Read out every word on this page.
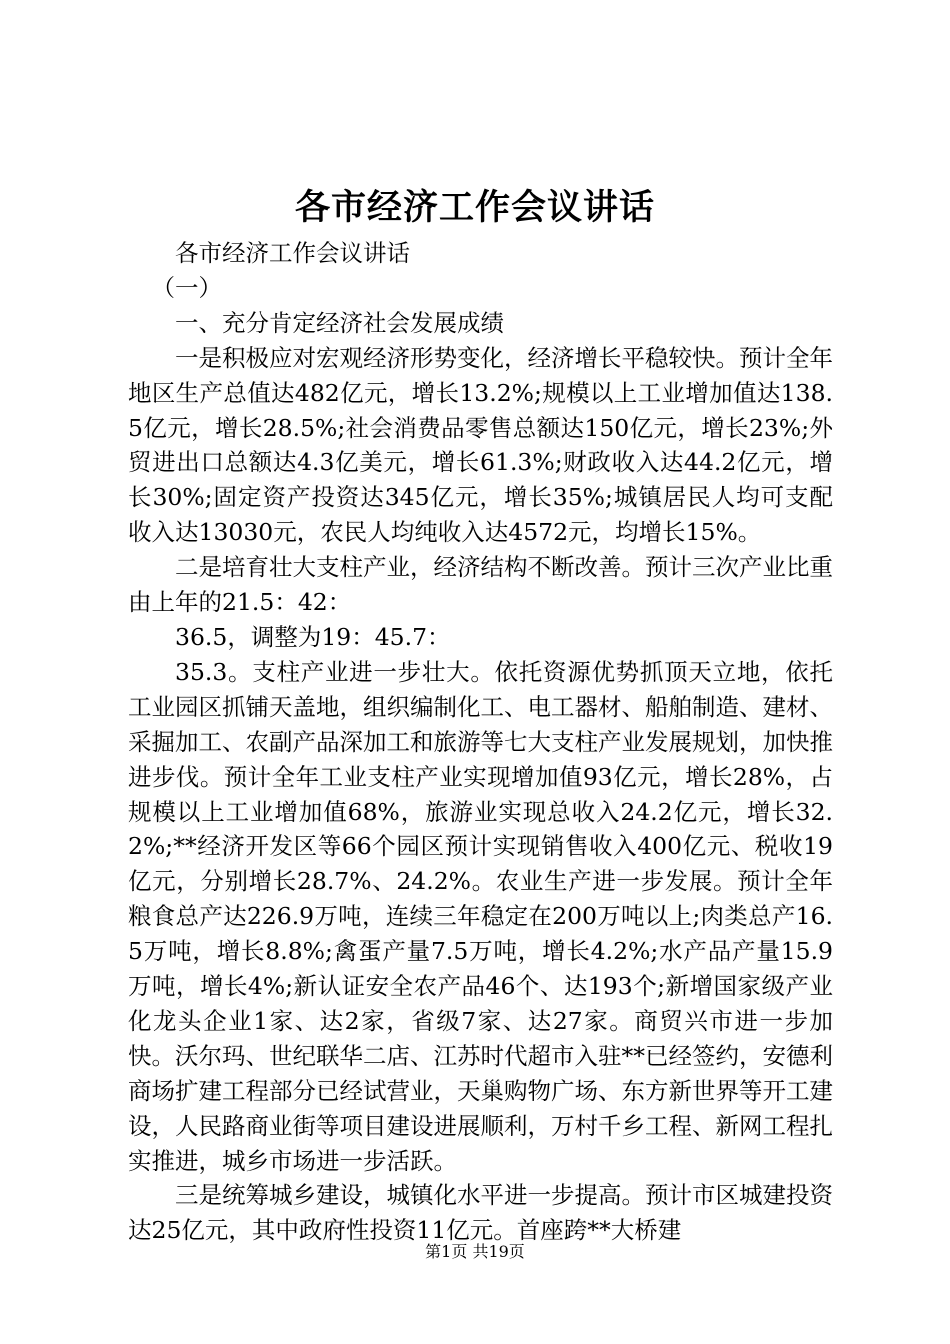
各市经济工作会议讲话

各市经济工作会议讲话

（一）

一、充分肯定经济社会发展成绩

一是积极应对宏观经济形势变化，经济增长平稳较快。预计全年地区生产总值达482亿元，增长13.2%;规模以上工业增加值达138.5亿元，增长28.5%;社会消费品零售总额达150亿元，增长23%;外贸进出口总额达4.3亿美元，增长61.3%;财政收入达44.2亿元，增长30%;固定资产投资达345亿元，增长35%;城镇居民人均可支配收入达13030元，农民人均纯收入达4572元，均增长15%。

二是培育壮大支柱产业，经济结构不断改善。预计三次产业比重由上年的21.5：42：

36.5，调整为19：45.7：

35.3。支柱产业进一步壮大。依托资源优势抓顶天立地，依托工业园区抓铺天盖地，组织编制化工、电工器材、船舶制造、建材、采掘加工、农副产品深加工和旅游等七大支柱产业发展规划，加快推进步伐。预计全年工业支柱产业实现增加值93亿元，增长28%，占规模以上工业增加值68%，旅游业实现总收入24.2亿元，增长32.2%;**经济开发区等66个园区预计实现销售收入400亿元、税收19亿元，分别增长28.7%、24.2%。农业生产进一步发展。预计全年粮食总产达226.9万吨，连续三年稳定在200万吨以上;肉类总产16.5万吨，增长8.8%;禽蛋产量7.5万吨，增长4.2%;水产品产量15.9万吨，增长4%;新认证安全农产品46个、达193个;新增国家级产业化龙头企业1家、达2家，省级7家、达27家。商贸兴市进一步加快。沃尔玛、世纪联华二店、江苏时代超市入驻**已经签约，安德利商场扩建工程部分已经试营业，天巢购物广场、东方新世界等开工建设，人民路商业街等项目建设进展顺利，万村千乡工程、新网工程扎实推进，城乡市场进一步活跃。

三是统筹城乡建设，城镇化水平进一步提高。预计市区城建投资达25亿元，其中政府性投资11亿元。首座跨**大桥建

第1页 共19页
